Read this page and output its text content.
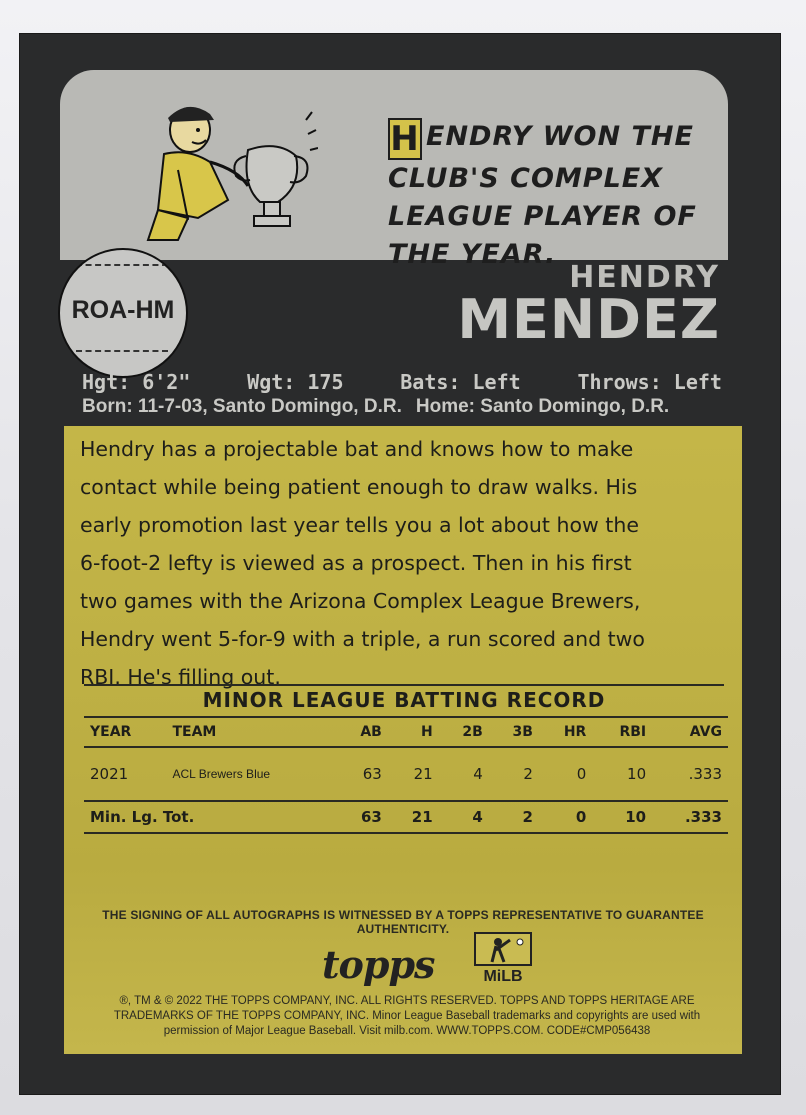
H ENDRY WON THE
CLUB'S COMPLEX
LEAGUE PLAYER OF
THE YEAR.
ROA-HM
HENDRY
MENDEZ
Hgt: 6'2"	Wgt: 175	Bats: Left	Throws: Left
Born: 11-7-03, Santo Domingo, D.R. Home: Santo Domingo, D.R.
Hendry has a projectable bat and knows how to make
contact while being patient enough to draw walks. His
early promotion last year tells you a lot about how the
6-foot-2 lefty is viewed as a prospect. Then in his first
two games with the Arizona Complex League Brewers,
Hendry went 5-for-9 with a triple, a run scored and two
RBI. He's filling out.
MINOR LEAGUE BATTING RECORD
YEAR	TEAM	AB	H	2B	3B	HR	RBI	AVG
2021	ACL Brewers Blue	63	21	4	2	0	10	.333
Min. Lg. Tot.		63	21	4	2	0	10	.333
THE SIGNING OF ALL AUTOGRAPHS IS WITNESSED BY A TOPPS REPRESENTATIVE TO GUARANTEE AUTHENTICITY.
topps	MiLB
®, TM & © 2022 THE TOPPS COMPANY, INC. ALL RIGHTS RESERVED. TOPPS AND TOPPS HERITAGE ARE
TRADEMARKS OF THE TOPPS COMPANY, INC. Minor League Baseball trademarks and copyrights are used with
permission of Major League Baseball. Visit milb.com. WWW.TOPPS.COM. CODE#CMP056438
